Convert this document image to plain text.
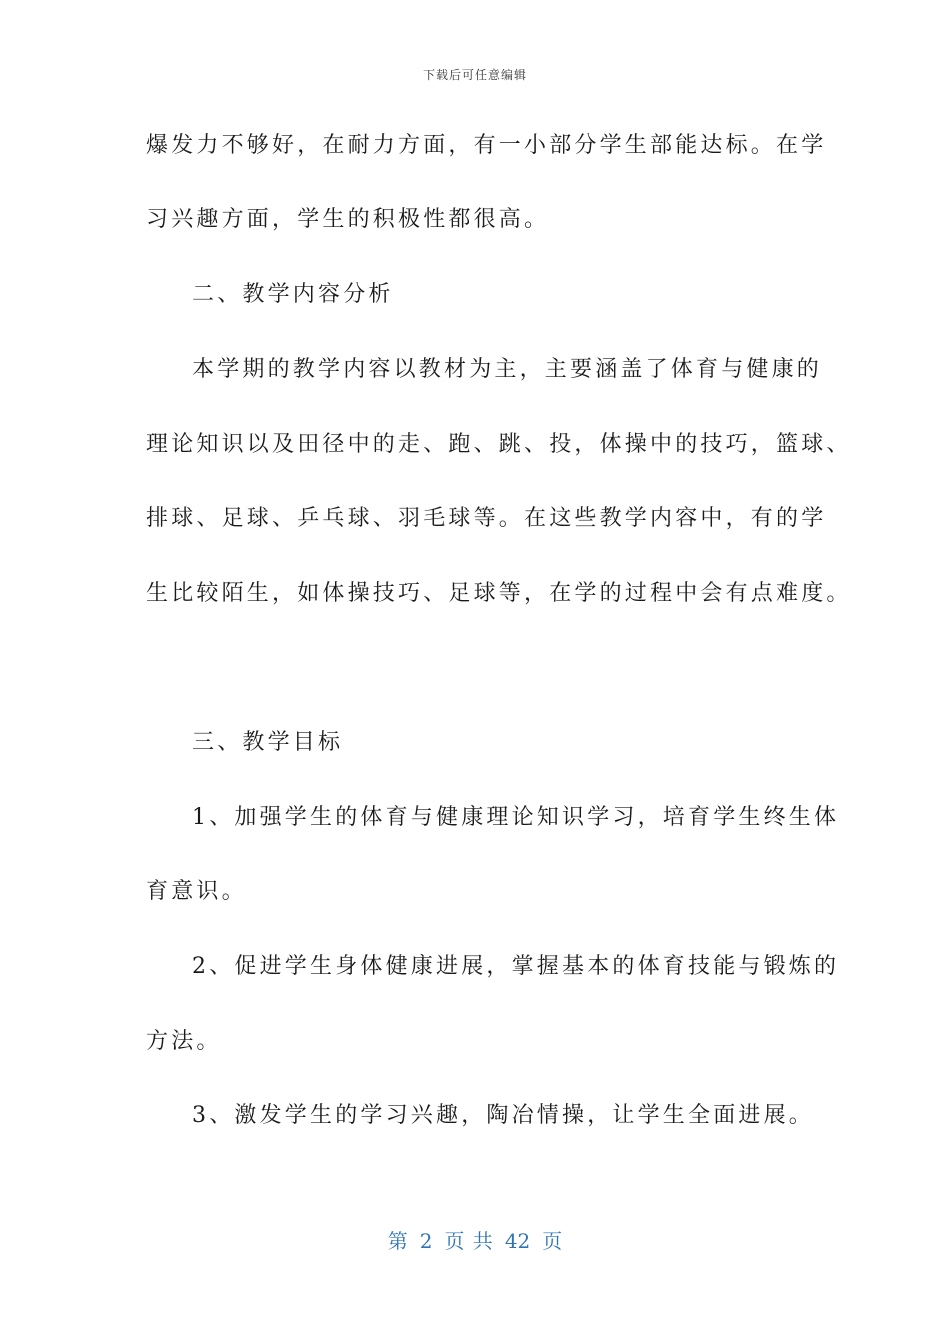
下载后可任意编辑
爆发力不够好，在耐力方面，有一小部分学生部能达标。在学
习兴趣方面，学生的积极性都很高。
二、教学内容分析
本学期的教学内容以教材为主，主要涵盖了体育与健康的
理论知识以及田径中的走、跑、跳、投，体操中的技巧，篮球、
排球、足球、乒乓球、羽毛球等。在这些教学内容中，有的学
生比较陌生，如体操技巧、足球等，在学的过程中会有点难度。
三、教学目标
1、加强学生的体育与健康理论知识学习，培育学生终生体
育意识。
2、促进学生身体健康进展，掌握基本的体育技能与锻炼的
方法。
3、激发学生的学习兴趣，陶冶情操，让学生全面进展。
第 2 页 共 42 页
